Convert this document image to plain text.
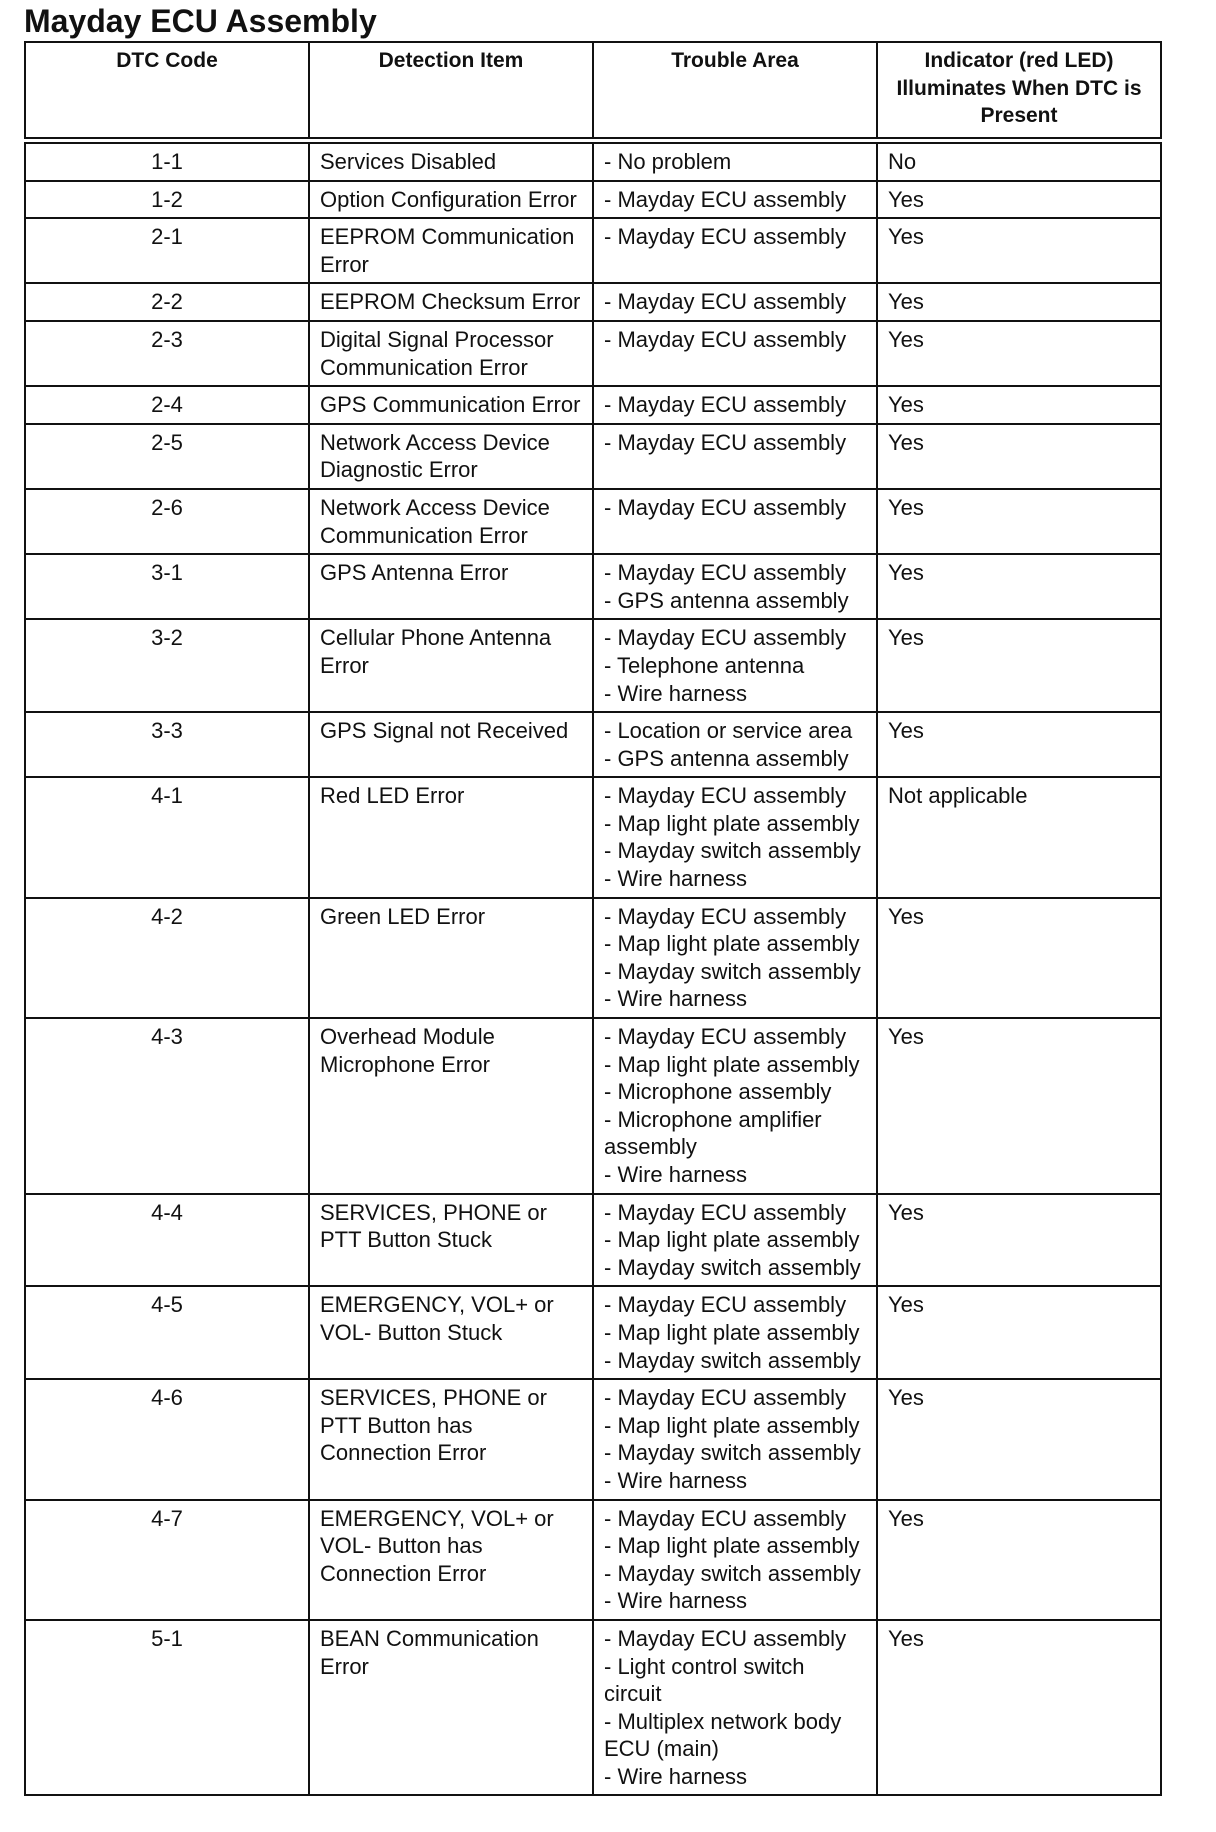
Mayday ECU Assembly
DTC Code	Detection Item	Trouble Area	Indicator (red LED) Illuminates When DTC is Present
1-1	Services Disabled	- No problem	No
1-2	Option Configuration Error	- Mayday ECU assembly	Yes
2-1	EEPROM Communication Error	- Mayday ECU assembly	Yes
2-2	EEPROM Checksum Error	- Mayday ECU assembly	Yes
2-3	Digital Signal Processor Communication Error	- Mayday ECU assembly	Yes
2-4	GPS Communication Error	- Mayday ECU assembly	Yes
2-5	Network Access Device Diagnostic Error	- Mayday ECU assembly	Yes
2-6	Network Access Device Communication Error	- Mayday ECU assembly	Yes
3-1	GPS Antenna Error	- Mayday ECU assembly
- GPS antenna assembly	Yes
3-2	Cellular Phone Antenna Error	- Mayday ECU assembly
- Telephone antenna
- Wire harness	Yes
3-3	GPS Signal not Received	- Location or service area
- GPS antenna assembly	Yes
4-1	Red LED Error	- Mayday ECU assembly
- Map light plate assembly
- Mayday switch assembly
- Wire harness	Not applicable
4-2	Green LED Error	- Mayday ECU assembly
- Map light plate assembly
- Mayday switch assembly
- Wire harness	Yes
4-3	Overhead Module Microphone Error	- Mayday ECU assembly
- Map light plate assembly
- Microphone assembly
- Microphone amplifier assembly
- Wire harness	Yes
4-4	SERVICES, PHONE or PTT Button Stuck	- Mayday ECU assembly
- Map light plate assembly
- Mayday switch assembly	Yes
4-5	EMERGENCY, VOL+ or VOL- Button Stuck	- Mayday ECU assembly
- Map light plate assembly
- Mayday switch assembly	Yes
4-6	SERVICES, PHONE or PTT Button has Connection Error	- Mayday ECU assembly
- Map light plate assembly
- Mayday switch assembly
- Wire harness	Yes
4-7	EMERGENCY, VOL+ or VOL- Button has Connection Error	- Mayday ECU assembly
- Map light plate assembly
- Mayday switch assembly
- Wire harness	Yes
5-1	BEAN Communication Error	- Mayday ECU assembly
- Light control switch circuit
- Multiplex network body ECU (main)
- Wire harness	Yes
